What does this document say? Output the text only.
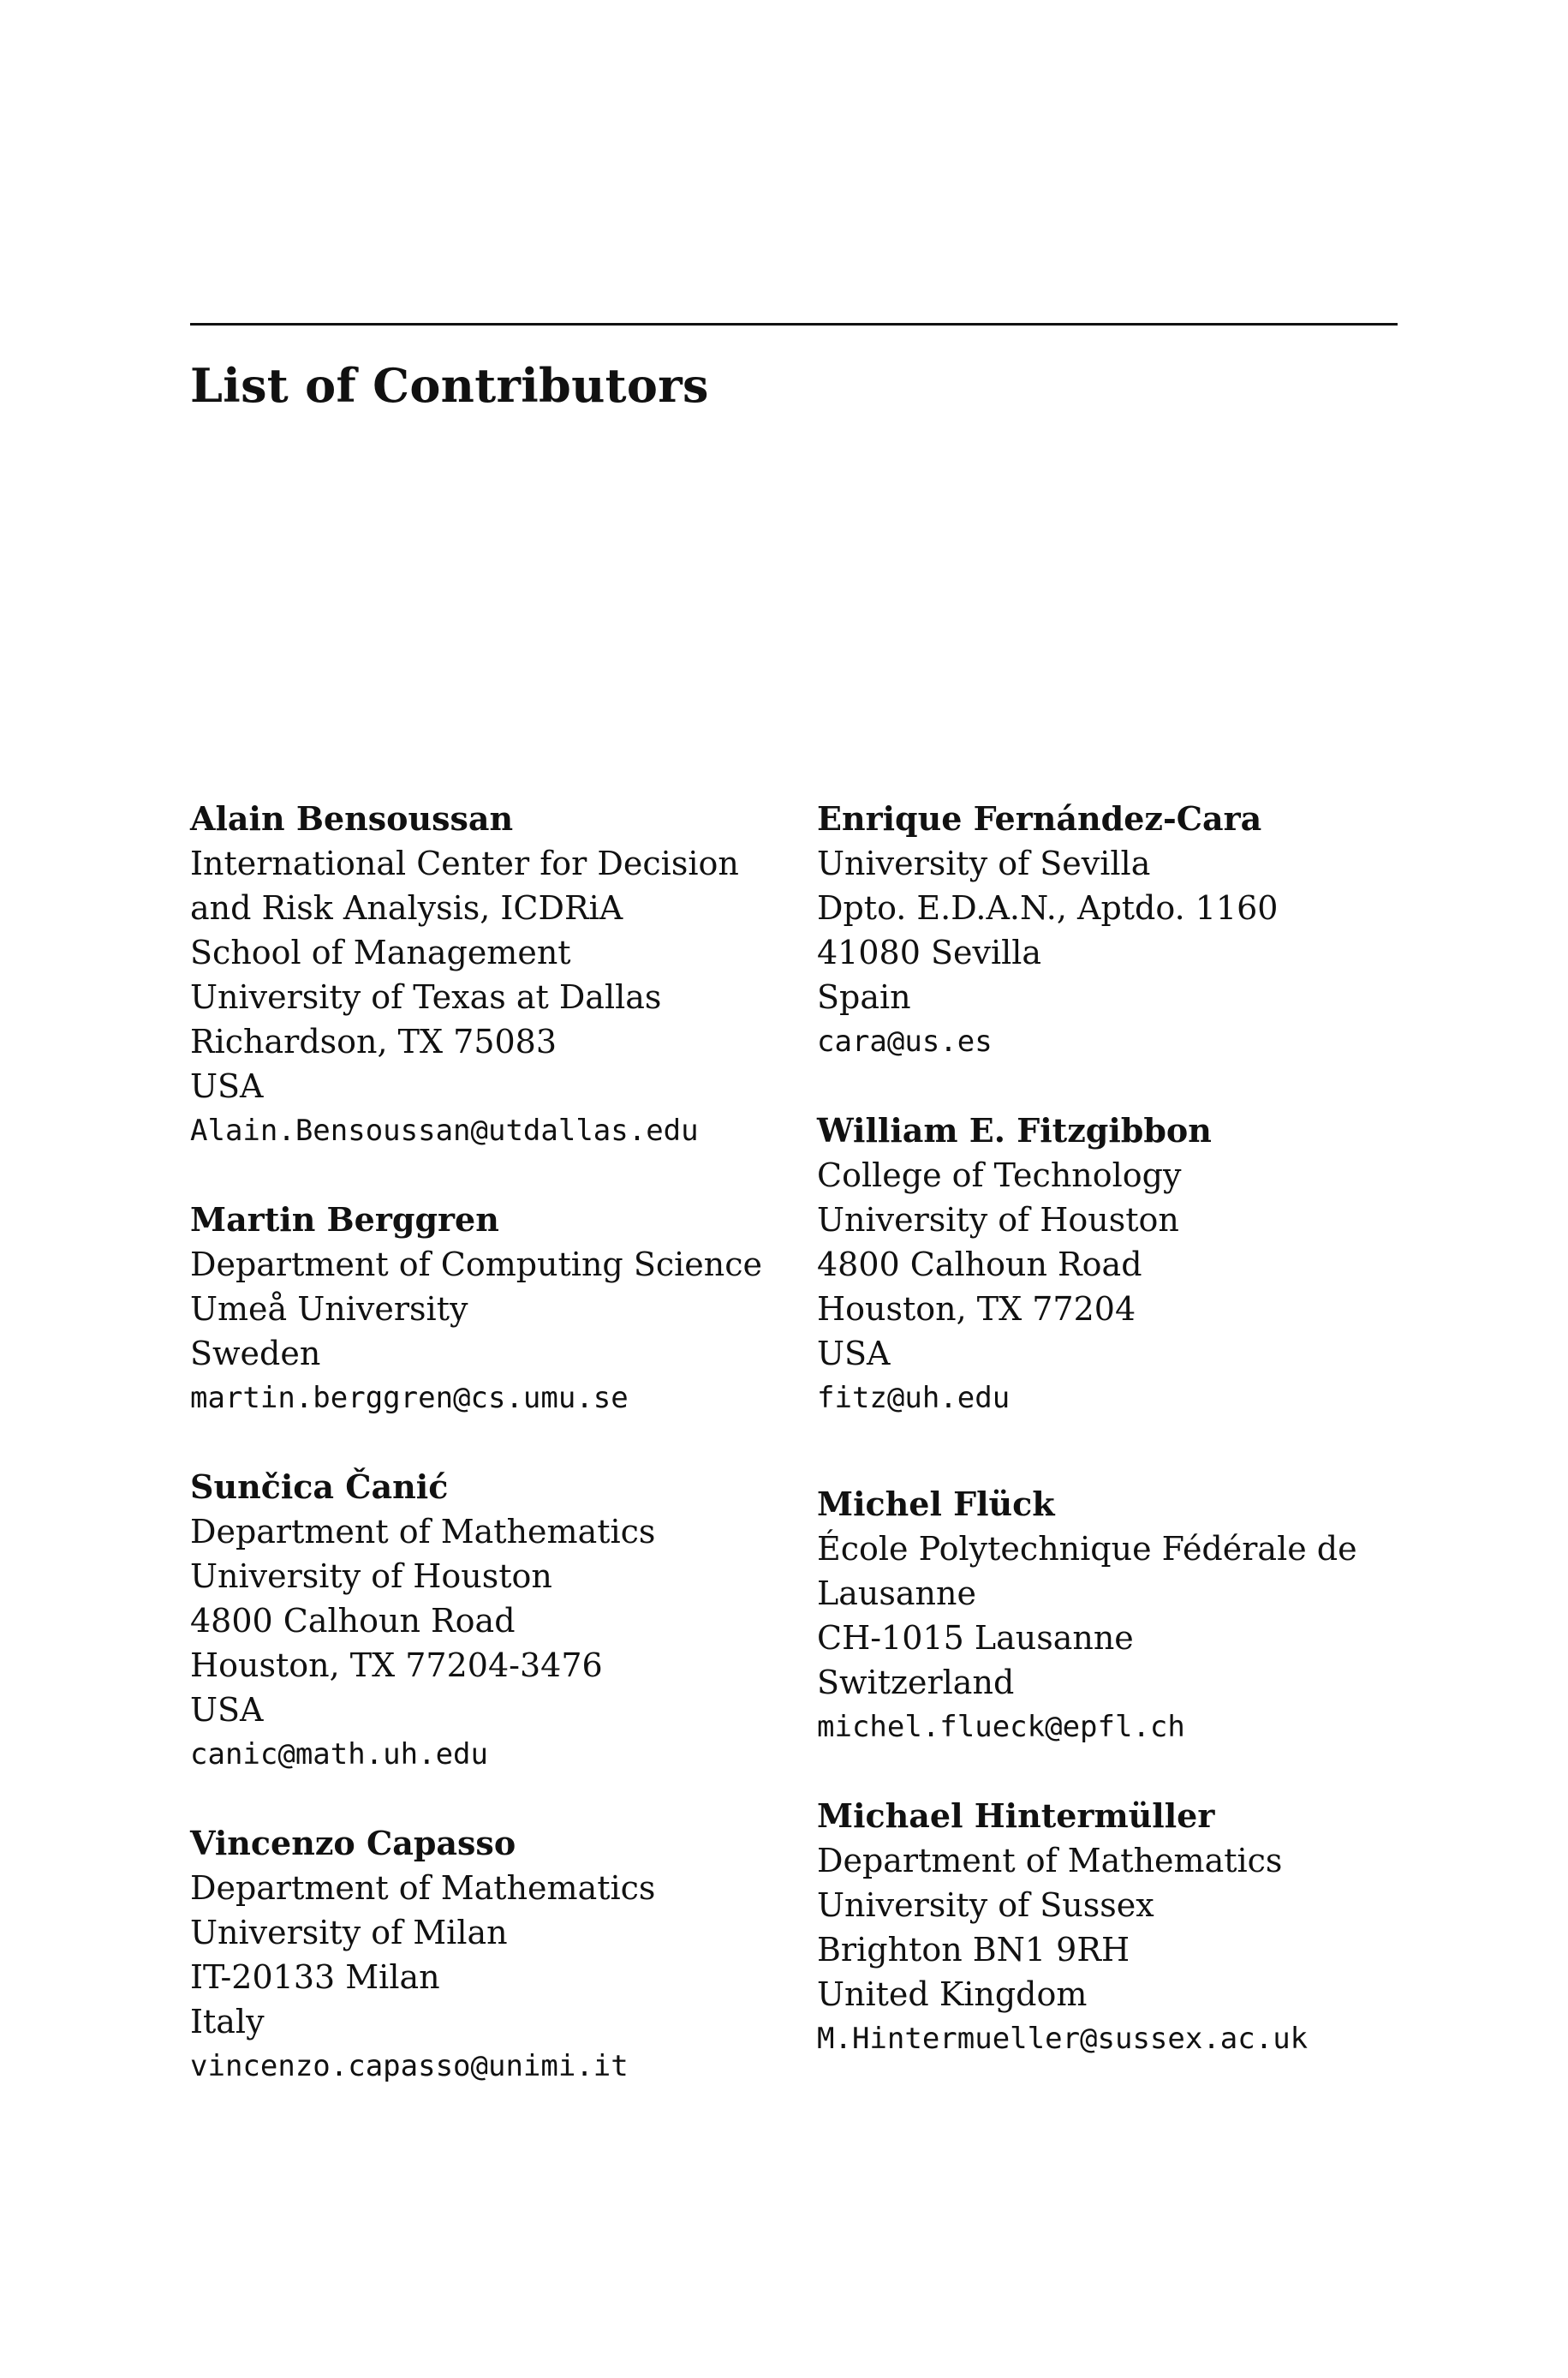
List of Contributors
Alain Bensoussan
International Center for Decision
and Risk Analysis, ICDRiA
School of Management
University of Texas at Dallas
Richardson, TX 75083
USA
Alain.Bensoussan@utdallas.edu
Martin Berggren
Department of Computing Science
Umeå University
Sweden
martin.berggren@cs.umu.se
Sunčica Čanić
Department of Mathematics
University of Houston
4800 Calhoun Road
Houston, TX 77204-3476
USA
canic@math.uh.edu
Vincenzo Capasso
Department of Mathematics
University of Milan
IT-20133 Milan
Italy
vincenzo.capasso@unimi.it
Enrique Fernández-Cara
University of Sevilla
Dpto. E.D.A.N., Aptdo. 1160
41080 Sevilla
Spain
cara@us.es
William E. Fitzgibbon
College of Technology
University of Houston
4800 Calhoun Road
Houston, TX 77204
USA
fitz@uh.edu
Michel Flück
École Polytechnique Fédérale de
Lausanne
CH-1015 Lausanne
Switzerland
michel.flueck@epfl.ch
Michael Hintermüller
Department of Mathematics
University of Sussex
Brighton BN1 9RH
United Kingdom
M.Hintermueller@sussex.ac.uk
